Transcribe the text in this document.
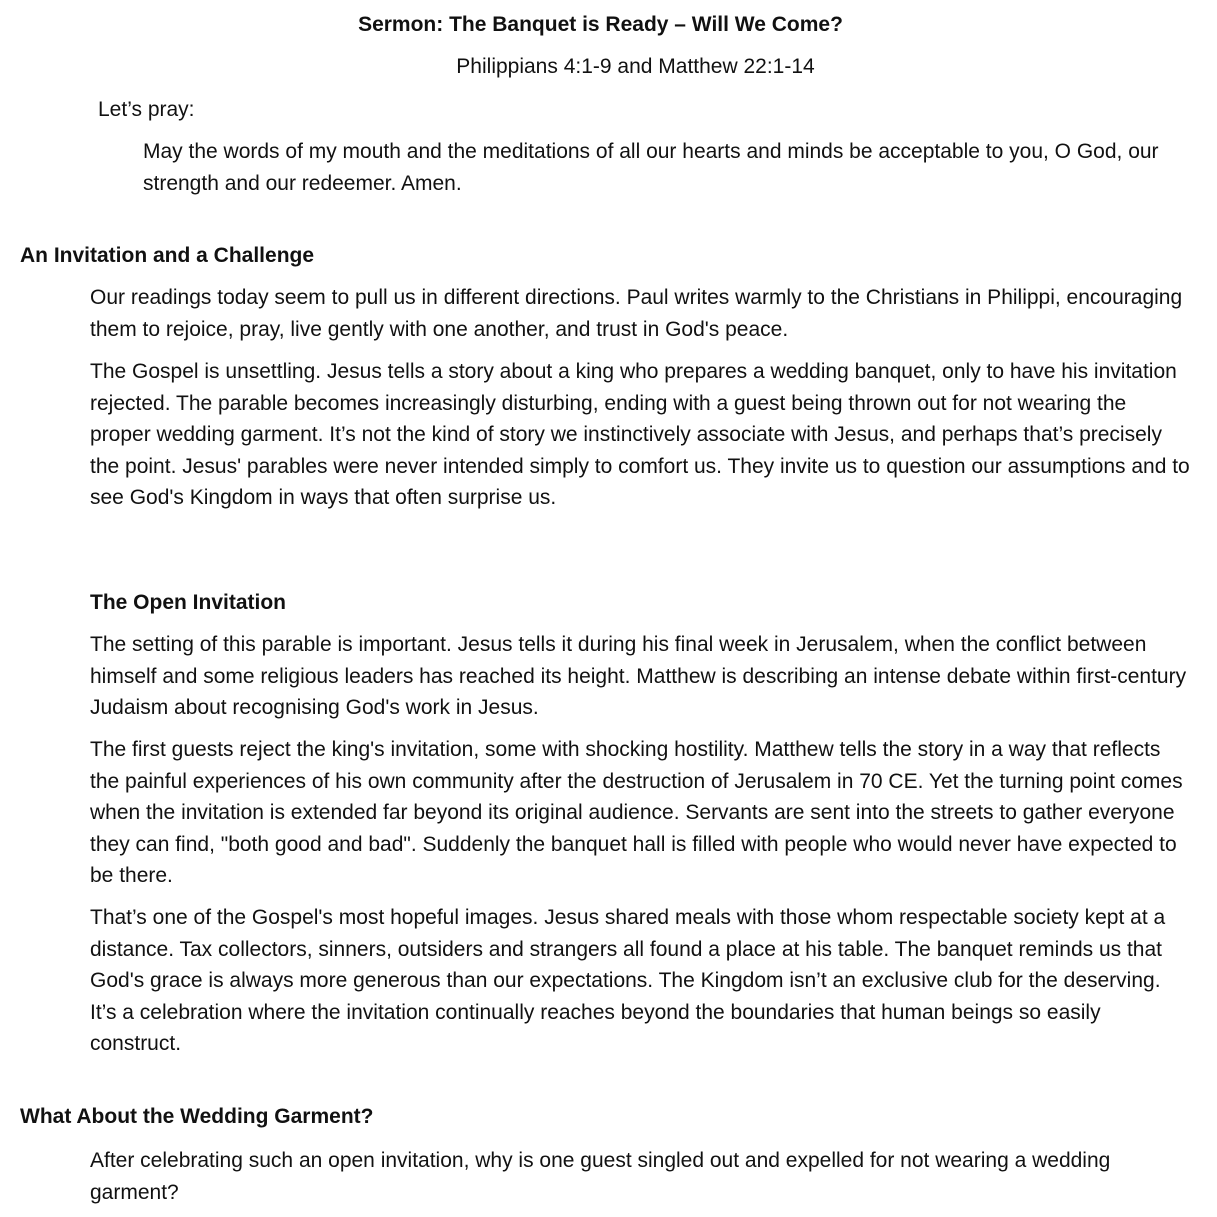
Sermon: The Banquet is Ready – Will We Come?
Philippians 4:1-9 and Matthew 22:1-14
Let’s pray:

May the words of my mouth and the meditations of all our hearts and minds be acceptable to you, O God, our strength and our redeemer. Amen.

An Invitation and a Challenge

Our readings today seem to pull us in different directions. Paul writes warmly to the Christians in Philippi, encouraging them to rejoice, pray, live gently with one another, and trust in God's peace.

The Gospel is unsettling. Jesus tells a story about a king who prepares a wedding banquet, only to have his invitation rejected. The parable becomes increasingly disturbing, ending with a guest being thrown out for not wearing the proper wedding garment. It’s not the kind of story we instinctively associate with Jesus, and perhaps that’s precisely the point. Jesus' parables were never intended simply to comfort us. They invite us to question our assumptions and to see God's Kingdom in ways that often surprise us.

The Open Invitation

The setting of this parable is important. Jesus tells it during his final week in Jerusalem, when the conflict between himself and some religious leaders has reached its height. Matthew is describing an intense debate within first-century Judaism about recognising God's work in Jesus.

The first guests reject the king's invitation, some with shocking hostility. Matthew tells the story in a way that reflects the painful experiences of his own community after the destruction of Jerusalem in 70 CE. Yet the turning point comes when the invitation is extended far beyond its original audience. Servants are sent into the streets to gather everyone they can find, "both good and bad". Suddenly the banquet hall is filled with people who would never have expected to be there.

That’s one of the Gospel's most hopeful images. Jesus shared meals with those whom respectable society kept at a distance. Tax collectors, sinners, outsiders and strangers all found a place at his table. The banquet reminds us that God's grace is always more generous than our expectations. The Kingdom isn’t an exclusive club for the deserving. It’s a celebration where the invitation continually reaches beyond the boundaries that human beings so easily construct.

What About the Wedding Garment?

After celebrating such an open invitation, why is one guest singled out and expelled for not wearing a wedding garment?
